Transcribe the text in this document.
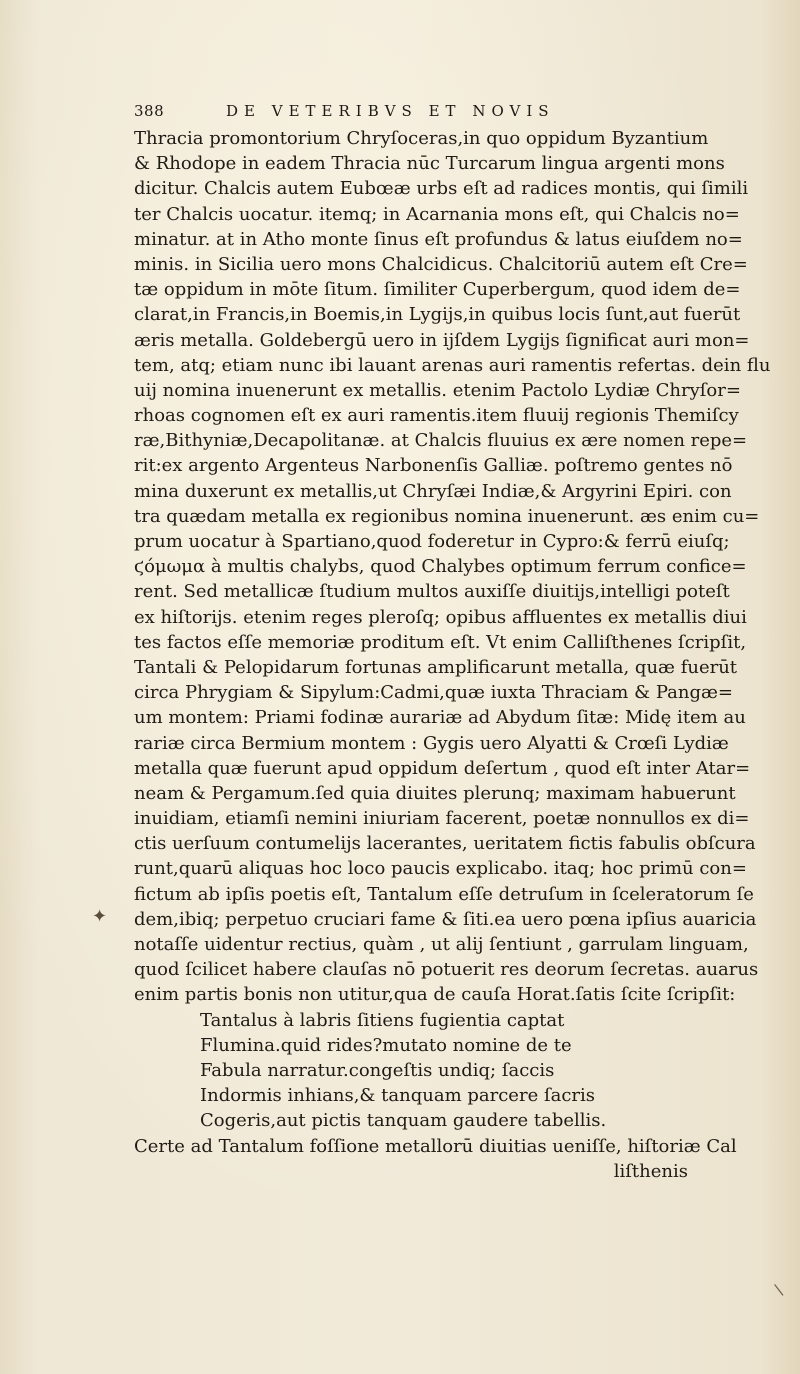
388	DE VETERIBVS ET NOVIS
Thracia promontorium Chryſoceras,in quo oppidum Byzantium
& Rhodope in eadem Thracia nūc Turcarum lingua argenti mons
dicitur. Chalcis autem Eubœæ urbs eſt ad radices montis, qui ſimili
ter Chalcis uocatur. itemq; in Acarnania mons eſt, qui Chalcis no=
minatur. at in Atho monte ſinus eſt profundus & latus eiuſdem no=
minis. in Sicilia uero mons Chalcidicus. Chalcitoriū autem eſt Cre=
tæ oppidum in mōte ſitum. ſimiliter Cuperbergum, quod idem de=
clarat,in Francis,in Boemis,in Lygijs,in quibus locis ſunt,aut fuerūt
æris metalla. Goldebergū uero in ijſdem Lygijs ſignificat auri mon=
tem, atq; etiam nunc ibi lauant arenas auri ramentis refertas. dein flu
uij nomina inuenerunt ex metallis. etenim Pactolo Lydiæ Chryſor=
rhoas cognomen eſt ex auri ramentis.item fluuij regionis Themiſcy
ræ,Bithyniæ,Decapolitanæ. at Chalcis fluuius ex ære nomen repe=
rit:ex argento Argenteus Narbonenſis Galliæ. poſtremo gentes nō
mina duxerunt ex metallis,ut Chryſæi Indiæ,& Argyrini Epiri. con
tra quædam metalla ex regionibus nomina inuenerunt. æs enim cu=
prum uocatur à Spartiano,quod foderetur in Cypro:& ferrū eiuſq;
ϛόμωμα à multis chalybs, quod Chalybes optimum ferrum confice=
rent. Sed metallicæ ſtudium multos auxiſſe diuitijs,intelligi poteſt
ex hiſtorijs. etenim reges pleroſq; opibus affluentes ex metallis diui
tes factos eſſe memoriæ proditum eſt. Vt enim Calliſthenes ſcripſit,
Tantali & Pelopidarum fortunas amplificarunt metalla, quæ fuerūt
circa Phrygiam & Sipylum:Cadmi,quæ iuxta Thraciam & Pangæ=
um montem: Priami fodinæ aurariæ ad Abydum ſitæ: Midę item au
rariæ circa Bermium montem : Gygis uero Alyatti & Crœſi Lydiæ
metalla quæ fuerunt apud oppidum deſertum , quod eſt inter Atar=
neam & Pergamum.ſed quia diuites plerunq; maximam habuerunt
inuidiam, etiamſi nemini iniuriam facerent, poetæ nonnullos ex di=
ctis uerſuum contumelijs lacerantes, ueritatem fictis fabulis obſcura
runt,quarū aliquas hoc loco paucis explicabo. itaq; hoc primū con=
fictum ab ipſis poetis eſt, Tantalum eſſe detruſum in ſceleratorum ſe
dem,ibiq; perpetuo cruciari fame & ſiti.ea uero pœna ipſius auaricia
notaſſe uidentur rectius, quàm , ut alij ſentiunt , garrulam linguam,
quod ſcilicet habere clauſas nō potuerit res deorum ſecretas. auarus
enim partis bonis non utitur,qua de cauſa Horat.ſatis ſcite ſcripſit:
Tantalus à labris ſitiens fugientia captat
Flumina.quid rides?mutato nomine de te
Fabula narratur.congeſtis undiq; ſaccis
Indormis inhians,& tanquam parcere ſacris
Cogeris,aut pictis tanquam gaudere tabellis.
Certe ad Tantalum foſſione metallorū diuitias ueniſſe, hiſtoriæ Cal
liſthenis
✦
\
